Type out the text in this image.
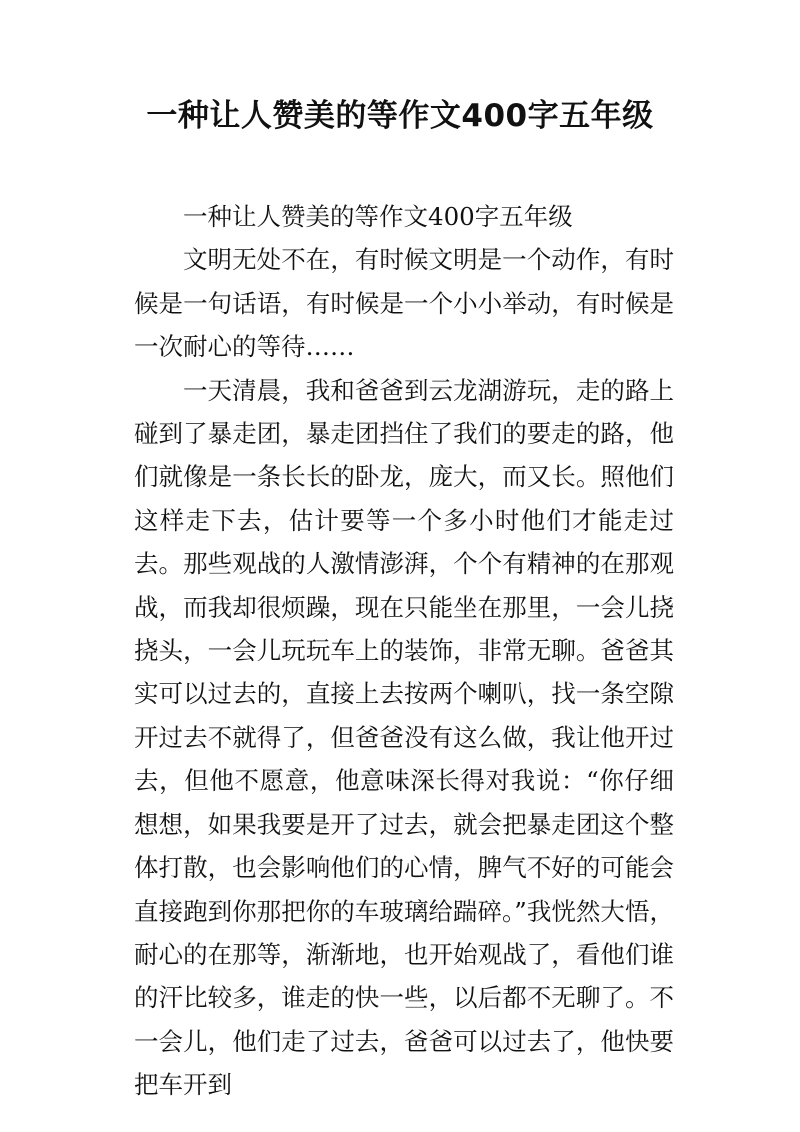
一种让人赞美的等作文400字五年级

一种让人赞美的等作文400字五年级

文明无处不在，有时候文明是一个动作，有时候是一句话语，有时候是一个小小举动，有时候是一次耐心的等待……

一天清晨，我和爸爸到云龙湖游玩，走的路上碰到了暴走团，暴走团挡住了我们的要走的路，他们就像是一条长长的卧龙，庞大，而又长。照他们这样走下去，估计要等一个多小时他们才能走过去。那些观战的人激情澎湃，个个有精神的在那观战，而我却很烦躁，现在只能坐在那里，一会儿挠挠头，一会儿玩玩车上的装饰，非常无聊。爸爸其实可以过去的，直接上去按两个喇叭，找一条空隙开过去不就得了，但爸爸没有这么做，我让他开过去，但他不愿意，他意味深长得对我说：“你仔细想想，如果我要是开了过去，就会把暴走团这个整体打散，也会影响他们的心情，脾气不好的可能会直接跑到你那把你的车玻璃给踹碎。”我恍然大悟，耐心的在那等，渐渐地，也开始观战了，看他们谁的汗比较多，谁走的快一些，以后都不无聊了。不一会儿，他们走了过去，爸爸可以过去了，他快要把车开到
